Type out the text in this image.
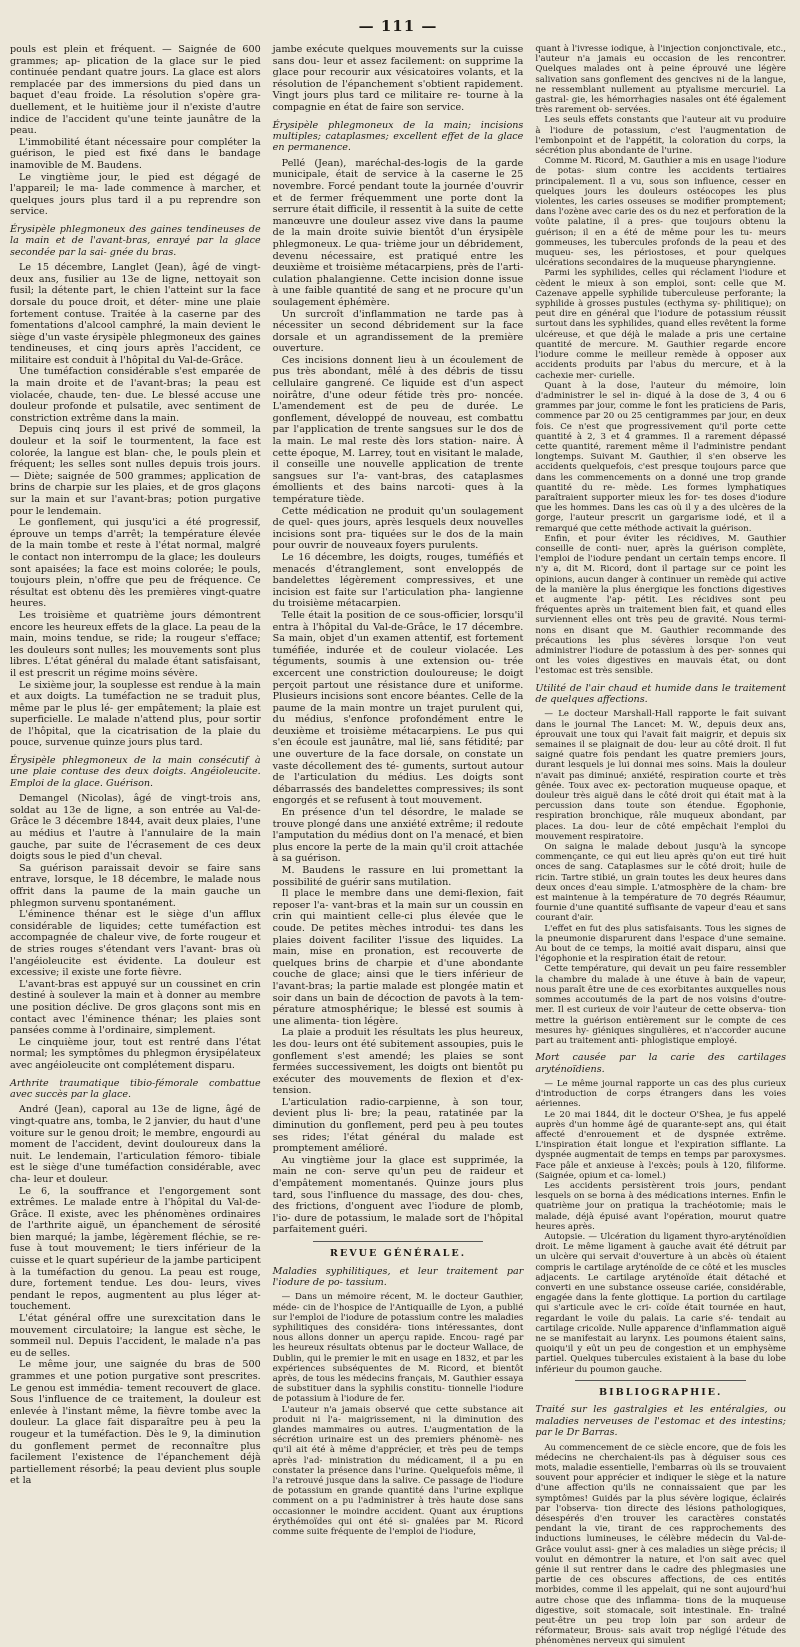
— 111 —

pouls est plein et fréquent. — Saignée de 600 grammes; ap- plication de la glace sur le pied continuée pendant quatre jours. La glace est alors remplacée par des immersions du pied dans un baquet d'eau froide. La résolution s'opère gra- duellement, et le huitième jour il n'existe d'autre indice de l'accident qu'une teinte jaunâtre de la peau.

L'immobilité étant nécessaire pour compléter la guérison, le pied est fixé dans le bandage inamovible de M. Baudens.

Le vingtième jour, le pied est dégagé de l'appareil; le ma- lade commence à marcher, et quelques jours plus tard il a pu reprendre son service.

Érysipèle phlegmoneux des gaines tendineuses de la main et de l'avant-bras, enrayé par la glace secondée par la sai- gnée du bras.

Le 15 décembre, Langlet (Jean), âgé de vingt-deux ans, fusilier au 13e de ligne, nettoyait son fusil; la détente part, le chien l'atteint sur la face dorsale du pouce droit, et déter- mine une plaie fortement contuse. Traitée à la caserne par des fomentations d'alcool camphré, la main devient le siège d'un vaste érysipèle phlegmoneux des gaines tendineuses, et cinq jours après l'accident, ce militaire est conduit à l'hôpital du Val-de-Grâce.

Une tuméfaction considérable s'est emparée de la main droite et de l'avant-bras; la peau est violacée, chaude, ten- due. Le blessé accuse une douleur profonde et pulsatile, avec sentiment de constriction extrême dans la main.

Depuis cinq jours il est privé de sommeil, la douleur et la soif le tourmentent, la face est colorée, la langue est blan- che, le pouls plein et fréquent; les selles sont nulles depuis trois jours. — Diète; saignée de 500 grammes; application de brins de charpie sur les plaies, et de gros glaçons sur la main et sur l'avant-bras; potion purgative pour le lendemain.

Le gonflement, qui jusqu'ici a été progressif, éprouve un temps d'arrêt; la température élevée de la main tombe et reste à l'état normal, malgré le contact non interrompu de la glace; les douleurs sont apaisées; la face est moins colorée; le pouls, toujours plein, n'offre que peu de fréquence. Ce résultat est obtenu dès les premières vingt-quatre heures.

Les troisième et quatrième jours démontrent encore les heureux effets de la glace. La peau de la main, moins tendue, se ride; la rougeur s'efface; les douleurs sont nulles; les mouvements sont plus libres. L'état général du malade étant satisfaisant, il est prescrit un régime moins sévère.

Le sixième jour, la souplesse est rendue à la main et aux doigts. La tuméfaction ne se traduit plus, même par le plus lé- ger empâtement; la plaie est superficielle. Le malade n'attend plus, pour sortir de l'hôpital, que la cicatrisation de la plaie du pouce, survenue quinze jours plus tard.

Érysipèle phlegmoneux de la main consécutif à une plaie contuse des deux doigts. Angéioleucite. Emploi de la glace. Guérison.

Demangel (Nicolas), âgé de vingt-trois ans, soldat au 13e de ligne, a son entrée au Val-de-Grâce le 3 décembre 1844, avait deux plaies, l'une au médius et l'autre à l'annulaire de la main gauche, par suite de l'écrasement de ces deux doigts sous le pied d'un cheval.

Sa guérison paraissait devoir se faire sans entrave, lorsque, le 18 décembre, le malade nous offrit dans la paume de la main gauche un phlegmon survenu spontanément.

L'éminence thénar est le siège d'un afflux considérable de liquides; cette tuméfaction est accompagnée de chaleur vive, de forte rougeur et de stries rouges s'étendant vers l'avant- bras où l'angéioleucite est évidente. La douleur est excessive; il existe une forte fièvre.

L'avant-bras est appuyé sur un coussinet en crin destiné à soulever la main et à donner au membre une position déclive. De gros glaçons sont mis en contact avec l'éminence thénar; les plaies sont pansées comme à l'ordinaire, simplement.

Le cinquième jour, tout est rentré dans l'état normal; les symptômes du phlegmon érysipélateux avec angéioleucite ont complétement disparu.

Arthrite traumatique tibio-fémorale combattue avec succès par la glace.

André (Jean), caporal au 13e de ligne, âgé de vingt-quatre ans, tomba, le 2 janvier, du haut d'une voiture sur le genou droit; le membre, engourdi au moment de l'accident, devint douloureux dans la nuit. Le lendemain, l'articulation fémoro- tibiale est le siège d'une tuméfaction considérable, avec cha- leur et douleur.

Le 6, la souffrance et l'engorgement sont extrêmes. Le malade entre à l'hôpital du Val-de-Grâce. Il existe, avec les phénomènes ordinaires de l'arthrite aiguë, un épanchement de sérosité bien marqué; la jambe, légèrement fléchie, se re- fuse à tout mouvement; le tiers inférieur de la cuisse et le quart supérieur de la jambe participent à la tuméfaction du genou. La peau est rouge, dure, fortement tendue. Les dou- leurs, vives pendant le repos, augmentent au plus léger at- touchement.

L'état général offre une surexcitation dans le mouvement circulatoire; la langue est sèche, le sommeil nul. Depuis l'accident, le malade n'a pas eu de selles.

Le même jour, une saignée du bras de 500 grammes et une potion purgative sont prescrites. Le genou est immédia- tement recouvert de glace. Sous l'influence de ce traitement, la douleur est enlevée à l'instant même, la fièvre tombe avec la douleur. La glace fait disparaître peu à peu la rougeur et la tuméfaction. Dès le 9, la diminution du gonflement permet de reconnaître plus facilement l'existence de l'épanchement déjà partiellement résorbé; la peau devient plus souple et la

jambe exécute quelques mouvements sur la cuisse sans dou- leur et assez facilement: on supprime la glace pour recourir aux vésicatoires volants, et la résolution de l'épanchement s'obtient rapidement. Vingt jours plus tard ce militaire re- tourne à la compagnie en état de faire son service.

Érysipèle phlegmoneux de la main; incisions multiples; cataplasmes; excellent effet de la glace en permanence.

Pellé (Jean), maréchal-des-logis de la garde municipale, était de service à la caserne le 25 novembre. Forcé pendant toute la journée d'ouvrir et de fermer fréquemment une porte dont la serrure était difficile, il ressentit à la suite de cette manœuvre une douleur assez vive dans la paume de la main droite suivie bientôt d'un érysipèle phlegmoneux. Le qua- trième jour un débridement, devenu nécessaire, est pratiqué entre les deuxième et troisième métacarpiens, près de l'arti- culation phalangienne. Cette incision donne issue à une faible quantité de sang et ne procure qu'un soulagement éphémère.

Un surcroît d'inflammation ne tarde pas à nécessiter un second débridement sur la face dorsale et un agrandissement de la première ouverture.

Ces incisions donnent lieu à un écoulement de pus très abondant, mêlé à des débris de tissu cellulaire gangrené. Ce liquide est d'un aspect noirâtre, d'une odeur fétide très pro- noncée. L'amendement est de peu de durée. Le gonflement, développé de nouveau, est combattu par l'application de trente sangsues sur le dos de la main. Le mal reste dès lors station- naire. À cette époque, M. Larrey, tout en visitant le malade, il conseille une nouvelle application de trente sangsues sur l'a- vant-bras, des cataplasmes émollients et des bains narcoti- ques à la température tiède.

Cette médication ne produit qu'un soulagement de quel- ques jours, après lesquels deux nouvelles incisions sont pra- tiquées sur le dos de la main pour ouvrir de nouveaux foyers purulents.

Le 16 décembre, les doigts, rouges, tuméfiés et menacés d'étranglement, sont enveloppés de bandelettes légèrement compressives, et une incision est faite sur l'articulation pha- langienne du troisième métacarpien.

Telle était la position de ce sous-officier, lorsqu'il entra à l'hôpital du Val-de-Grâce, le 17 décembre. Sa main, objet d'un examen attentif, est fortement tuméfiée, indurée et de couleur violacée. Les téguments, soumis à une extension ou- trée excercent une constriction douloureuse; le doigt perçoit partout une résistance dure et uniforme. Plusieurs incisions sont encore béantes. Celle de la paume de la main montre un trajet purulent qui, du médius, s'enfonce profondément entre le deuxième et troisième métacarpiens. Le pus qui s'en écoule est jaunâtre, mal lié, sans fétidité; par une ouverture de la face dorsale, on constate un vaste décollement des té- guments, surtout autour de l'articulation du médius. Les doigts sont débarrassés des bandelettes compressives; ils sont engorgés et se refusent à tout mouvement.

En présence d'un tel désordre, le malade se trouve plongé dans une anxiété extrême; il redoute l'amputation du médius dont on l'a menacé, et bien plus encore la perte de la main qu'il croit attachée à sa guérison.

M. Baudens le rassure en lui promettant la possibilité de guérir sans mutilation.

Il place le membre dans une demi-flexion, fait reposer l'a- vant-bras et la main sur un coussin en crin qui maintient celle-ci plus élevée que le coude. De petites mèches introdui- tes dans les plaies doivent faciliter l'issue des liquides. La main, mise en pronation, est recouverte de quelques brins de charpie et d'une abondante couche de glace; ainsi que le tiers inférieur de l'avant-bras; la partie malade est plongée matin et soir dans un bain de décoction de pavots à la tem- pérature atmosphérique; le blessé est soumis à une alimenta- tion légère.

La plaie a produit les résultats les plus heureux, les dou- leurs ont été subitement assoupies, puis le gonflement s'est amendé; les plaies se sont fermées successivement, les doigts ont bientôt pu exécuter des mouvements de flexion et d'ex- tension.

L'articulation radio-carpienne, à son tour, devient plus li- bre; la peau, ratatinée par la diminution du gonflement, perd peu à peu toutes ses rides; l'état général du malade est promptement amélioré.

Au vingtième jour la glace est supprimée, la main ne con- serve qu'un peu de raideur et d'empâtement momentanés. Quinze jours plus tard, sous l'influence du massage, des dou- ches, des frictions, d'onguent avec l'iodure de plomb, l'io- dure de potassium, le malade sort de l'hôpital parfaitement guéri.

REVUE GÉNÉRALE.
Maladies syphilitiques, et leur traitement par l'iodure de po- tassium.

— Dans un mémoire récent, M. le docteur Gauthier, méde- cin de l'hospice de l'Antiquaille de Lyon, a publié sur l'emploi de l'iodure de potassium contre les maladies syphilitiques des considéra- tions intéressantes, dont nous allons donner un aperçu rapide. Encou- ragé par les heureux résultats obtenus par le docteur Wallace, de Dublin, qui le premier le mit en usage en 1832, et par les expériences subséquentes de M. Ricord, et bientôt après, de tous les médecins français, M. Gauthier essaya de substituer dans la syphilis constitu- tionnelle l'iodure de potassium à l'iodure de fer.

L'auteur n'a jamais observé que cette substance ait produit ni l'a- maigrissement, ni la diminution des glandes mammaires ou autres. L'augmentation de la sécrétion urinaire est un des premiers phénomè- nes qu'il ait été à même d'apprécier, et très peu de temps après l'ad- ministration du médicament, il a pu en constater la présence dans l'urine. Quelquefois même, il l'a retrouvé jusque dans la salive. Ce passage de l'iodure de potassium en grande quantité dans l'urine explique comment on a pu l'administrer à très haute dose sans occasionner le moindre accident. Quant aux éruptions érythémoïdes qui ont été si- gnalées par M. Ricord comme suite fréquente de l'emploi de l'iodure,

quant à l'ivresse iodique, à l'injection conjonctivale, etc., l'auteur n'a jamais eu occasion de les rencontrer. Quelques malades ont à peine éprouvé une légère salivation sans gonflement des gencives ni de la langue, ne ressemblant nullement au ptyalisme mercuriel. La gastral- gie, les hémorrhagies nasales ont été également très rarement ob- servées.

Les seuls effets constants que l'auteur ait vu produire à l'iodure de potassium, c'est l'augmentation de l'embonpoint et de l'appétit, la coloration du corps, la sécrétion plus abondante de l'urine.

Comme M. Ricord, M. Gauthier a mis en usage l'iodure de potas- sium contre les accidents tertiaires principalement. Il a vu, sous son influence, cesser en quelques jours les douleurs ostéocopes les plus violentes, les caries osseuses se modifier promptement; dans l'ozène avec carie des os du nez et perforation de la voûte palatine, il a pres- que toujours obtenu la guérison; il en a été de même pour les tu- meurs gommeuses, les tubercules profonds de la peau et des muqueu- ses, les périostoses, et pour quelques ulcérations secondaires de la muqueuse pharyngienne.

Parmi les syphilides, celles qui réclament l'iodure et cèdent le mieux à son emploi, sont: celle que M. Cazenave appelle syphilide tuberculeuse perforante; la syphilide à grosses pustules (ecthyma sy- philitique); on peut dire en général que l'iodure de potassium réussit surtout dans les syphilides, quand elles revêtent la forme ulcéreuse, et que déjà le malade a pris une certaine quantité de mercure. M. Gauthier regarde encore l'iodure comme le meilleur remède à opposer aux accidents produits par l'abus du mercure, et à la cachexie mer- curielle.

Quant à la dose, l'auteur du mémoire, loin d'administrer le sel in- diqué à la dose de 3, 4 ou 6 grammes par jour, comme le font les praticiens de Paris, commence par 20 ou 25 centigrammes par jour, en deux fois. Ce n'est que progressivement qu'il porte cette quantité à 2, 3 et 4 grammes. Il a rarement dépassé cette quantité, rarement même il l'administre pendant longtemps. Suivant M. Gauthier, il s'en observe les accidents quelquefois, c'est presque toujours parce que dans les commencements on a donné une trop grande quantité du re- mède. Les formes lymphatiques paraîtraient supporter mieux les for- tes doses d'iodure que les hommes. Dans les cas où il y a des ulcères de la gorge, l'auteur prescrit un gargarisme iodé, et il a remarqué que cette méthode activait la guérison.

Enfin, et pour éviter les récidives, M. Gauthier conseille de conti- nuer, après la guérison complète, l'emploi de l'iodure pendant un certain temps encore. Il n'y a, dit M. Ricord, dont il partage sur ce point les opinions, aucun danger à continuer un remède qui active de la manière la plus énergique les fonctions digestives et augmente l'ap- pétit. Les récidives sont peu fréquentes après un traitement bien fait, et quand elles surviennent elles ont très peu de gravité. Nous termi- nons en disant que M. Gauthier recommande des précautions les plus sévères lorsque l'on veut administrer l'iodure de potassium à des per- sonnes qui ont les voies digestives en mauvais état, ou dont l'estomac est très sensible.

Utilité de l'air chaud et humide dans le traitement de quelques affections.

— Le docteur Marshall-Hall rapporte le fait suivant dans le journal The Lancet: M. W., depuis deux ans, éprouvait une toux qui l'avait fait maigrir, et depuis six semaines il se plaignait de dou- leur au côté droit. Il fut saigné quatre fois pendant les quatre premiers jours, durant lesquels je lui donnai mes soins. Mais la douleur n'avait pas diminué; anxiété, respiration courte et très gênée. Toux avec ex- pectoration muqueuse opaque, et douleur très aiguë dans le côté droit qui était mat à la percussion dans toute son étendue. Égophonie, respiration bronchique, râle muqueux abondant, par places. La dou- leur de côté empêchait l'emploi du mouvement respiratoire.

On saigna le malade debout jusqu'à la syncope commençante, ce qui eut lieu après qu'on eut tiré huit onces de sang. Cataplasmes sur le côté droit; huile de ricin. Tartre stibié, un grain toutes les deux heures dans deux onces d'eau simple. L'atmosphère de la cham- bre est maintenue à la température de 70 degrés Réaumur, fournie d'une quantité suffisante de vapeur d'eau et sans courant d'air.

L'effet en fut des plus satisfaisants. Tous les signes de la pneumonie disparurent dans l'espace d'une semaine. Au bout de ce temps, la moitié avait disparu, ainsi que l'égophonie et la respiration était de retour.

Cette température, qui devait un peu faire ressembler la chambre du malade à une étuve à bain de vapeur, nous paraît être une de ces exorbitantes auxquelles nous sommes accoutumés de la part de nos voisins d'outre-mer. Il est curieux de voir l'auteur de cette observa- tion mettre la guérison entièrement sur le compte de ces mesures hy- giéniques singulières, et n'accorder aucune part au traitement anti- phlogistique employé.

Mort causée par la carie des cartilages aryténoïdiens.

— Le même journal rapporte un cas des plus curieux d'introduction de corps étrangers dans les voies aériennes.

Le 20 mai 1844, dit le docteur O'Shea, je fus appelé auprès d'un homme âgé de quarante-sept ans, qui était affecté d'enrouement et de dyspnée extrême. L'inspiration était longue et l'expiration sifflante. La dyspnée augmentait de temps en temps par paroxysmes. Face pâle et anxieuse à l'excès; pouls à 120, filiforme. (Saignée, opium et ca- lomel.)

Les accidents persistèrent trois jours, pendant lesquels on se borna à des médications internes. Enfin le quatrième jour on pratiqua la trachéotomie; mais le malade, déjà épuisé avant l'opération, mourut quatre heures après.

Autopsie. — Ulcération du ligament thyro-aryténoïdien droit. Le même ligament à gauche avait été détruit par un ulcère qui servait d'ouverture à un abcès où étaient compris le cartilage aryténoïde de ce côté et les muscles adjacents. Le cartilage aryténoïde était détaché et converti en une substance osseuse cariée, considérable, engagée dans la fente glottique. La portion du cartilage qui s'articule avec le cri- coïde était tournée en haut, regardant le voile du palais. La carie s'é- tendait au cartilage cricoïde. Nulle apparence d'inflammation aiguë ne se manifestait au larynx. Les poumons étaient sains, quoiqu'il y eût un peu de congestion et un emphysème partiel. Quelques tubercules existaient à la base du lobe inférieur du poumon gauche.

BIBLIOGRAPHIE.
Traité sur les gastralgies et les entéralgies, ou maladies nerveuses de l'estomac et des intestins; par le Dr Barras.

Au commencement de ce siècle encore, que de fois les médecins ne cherchaient-ils pas à déguiser sous ces mots, maladie essentielle, l'embarras où ils se trouvaient souvent pour apprécier et indiquer le siège et la nature d'une affection qu'ils ne connaissaient que par les symptômes! Guidés par la plus sévère logique, éclairés par l'observa- tion directe des lésions pathologiques, désespérés d'en trouver les caractères constatés pendant la vie, tirant de ces rapprochements des inductions lumineuses, le célèbre médecin du Val-de-Grâce voulut assi- gner à ces maladies un siège précis; il voulut en démontrer la nature, et l'on sait avec quel génie il sut rentrer dans le cadre des phlegmasies une partie de ces obscures affections, de ces entités morbides, comme il les appelait, qui ne sont aujourd'hui autre chose que des inflamma- tions de la muqueuse digestive, soit stomacale, soit intestinale. En- traîné peut-être un peu trop loin par son ardeur de réformateur, Brous- sais avait trop négligé l'étude des phénomènes nerveux qui simulent
